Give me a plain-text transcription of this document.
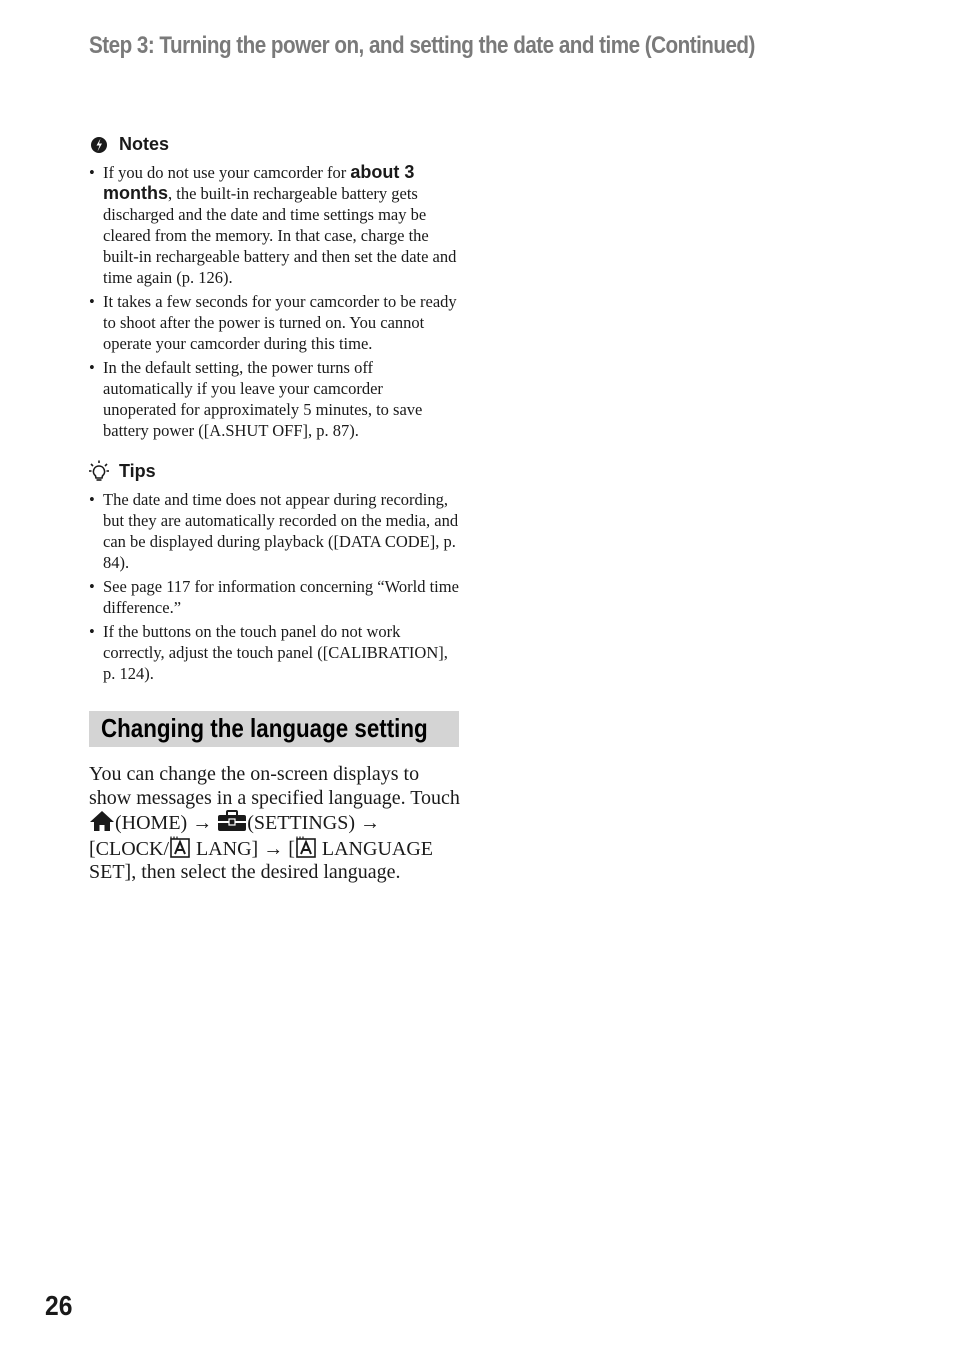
Step 3: Turning the power on, and setting the date and time (Continued)
Notes
• If you do not use your camcorder for about 3 months, the built-in rechargeable battery gets discharged and the date and time settings may be cleared from the memory. In that case, charge the built-in rechargeable battery and then set the date and time again (p. 126).
• It takes a few seconds for your camcorder to be ready to shoot after the power is turned on. You cannot operate your camcorder during this time.
• In the default setting, the power turns off automatically if you leave your camcorder unoperated for approximately 5 minutes, to save battery power ([A.SHUT OFF], p. 87).
Tips
• The date and time does not appear during recording, but they are automatically recorded on the media, and can be displayed during playback ([DATA CODE], p. 84).
• See page 117 for information concerning “World time difference.”
• If the buttons on the touch panel do not work correctly, adjust the touch panel ([CALIBRATION], p. 124).
Changing the language setting
You can change the on-screen displays to show messages in a specified language. Touch (HOME) → (SETTINGS) → [CLOCK/ LANG] → [ LANGUAGE SET], then select the desired language.
26
